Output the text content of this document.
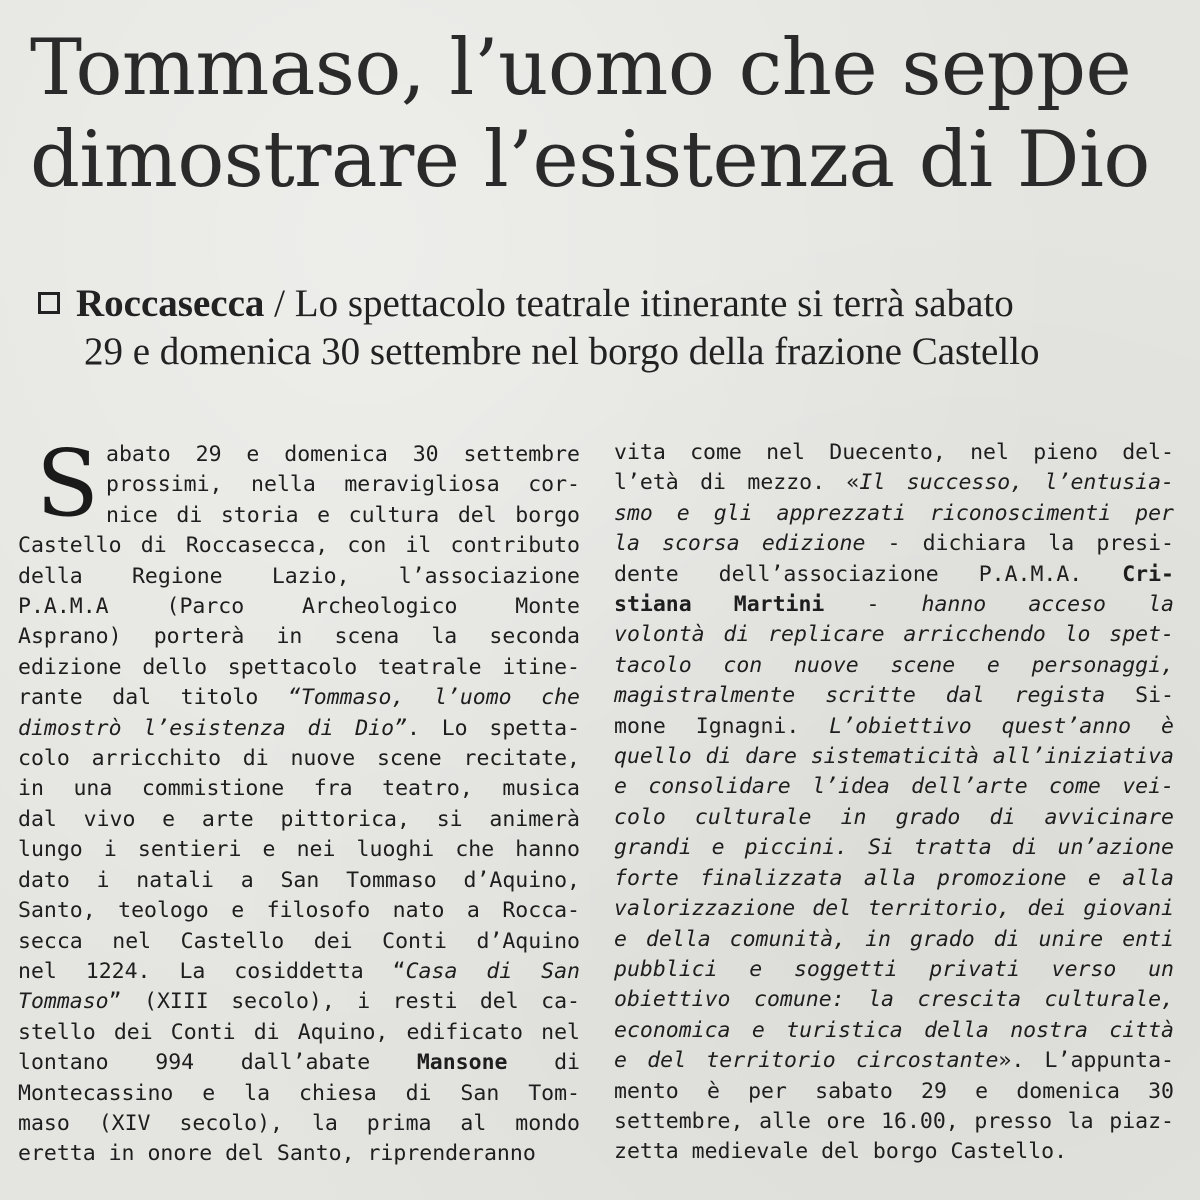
Tommaso, l’uomo che seppe
dimostrare l’esistenza di Dio
Roccasecca / Lo spettacolo teatrale itinerante si terrà sabato
29 e domenica 30 settembre nel borgo della frazione Castello
S abato 29 e domenica 30 settembre
prossimi, nella meravigliosa cor-
nice di storia e cultura del borgo
Castello di Roccasecca, con il contributo
della Regione Lazio, l’associazione
P.A.M.A (Parco Archeologico Monte
Asprano) porterà in scena la seconda
edizione dello spettacolo teatrale itine-
rante dal titolo “Tommaso, l’uomo che
dimostrò l’esistenza di Dio”. Lo spetta-
colo arricchito di nuove scene recitate,
in una commistione fra teatro, musica
dal vivo e arte pittorica, si animerà
lungo i sentieri e nei luoghi che hanno
dato i natali a San Tommaso d’Aquino,
Santo, teologo e filosofo nato a Rocca-
secca nel Castello dei Conti d’Aquino
nel 1224. La cosiddetta “Casa di San
Tommaso” (XIII secolo), i resti del ca-
stello dei Conti di Aquino, edificato nel
lontano 994 dall’abate Mansone di
Montecassino e la chiesa di San Tom-
maso (XIV secolo), la prima al mondo
eretta in onore del Santo, riprenderanno
vita come nel Duecento, nel pieno del-
l’età di mezzo. «Il successo, l’entusia-
smo e gli apprezzati riconoscimenti per
la scorsa edizione - dichiara la presi-
dente dell’associazione P.A.M.A. Cri-
stiana Martini - hanno acceso la
volontà di replicare arricchendo lo spet-
tacolo con nuove scene e personaggi,
magistralmente scritte dal regista Si-
mone Ignagni. L’obiettivo quest’anno è
quello di dare sistematicità all’iniziativa
e consolidare l’idea dell’arte come vei-
colo culturale in grado di avvicinare
grandi e piccini. Si tratta di un’azione
forte finalizzata alla promozione e alla
valorizzazione del territorio, dei giovani
e della comunità, in grado di unire enti
pubblici e soggetti privati verso un
obiettivo comune: la crescita culturale,
economica e turistica della nostra città
e del territorio circostante». L’appunta-
mento è per sabato 29 e domenica 30
settembre, alle ore 16.00, presso la piaz-
zetta medievale del borgo Castello.
